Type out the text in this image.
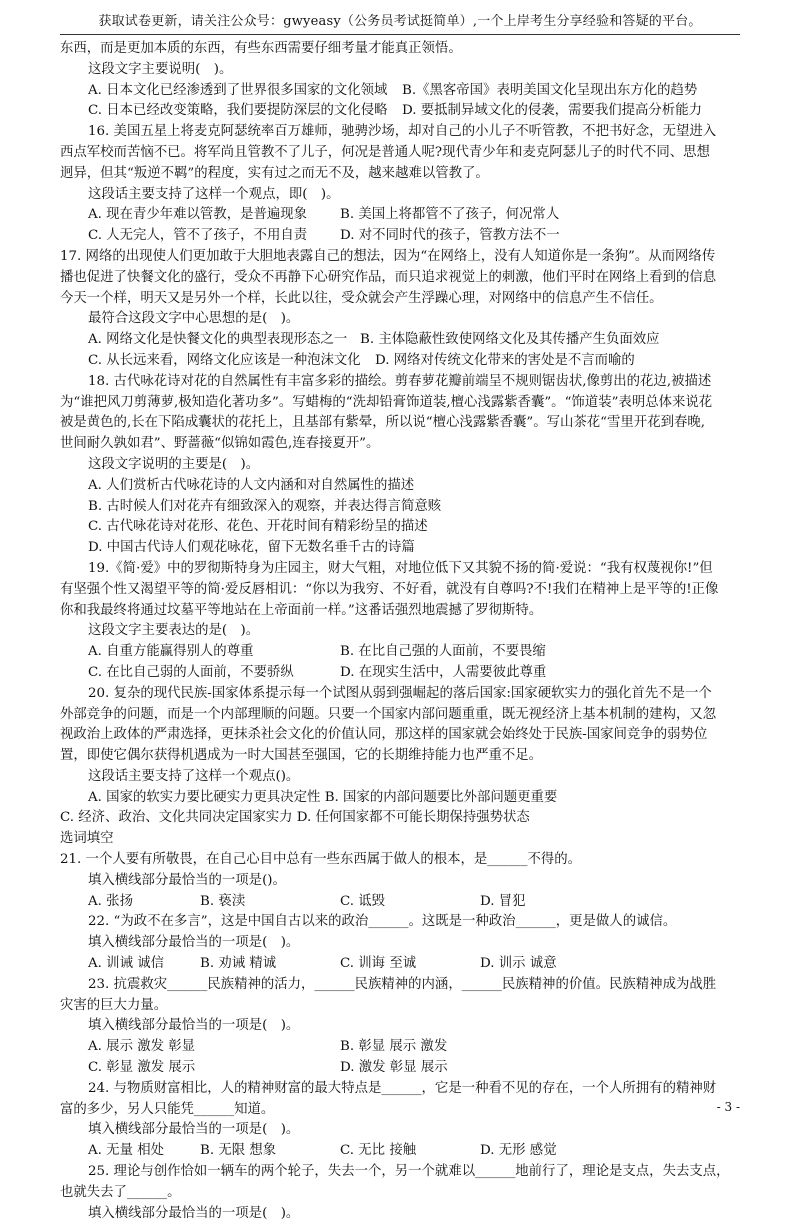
获取试卷更新，请关注公众号：gwyeasy（公务员考试挺简单）,一个上岸考生分享经验和答疑的平台。
东西，而是更加本质的东西，有些东西需要仔细考量才能真正领悟。
这段文字主要说明(　)。
A. 日本文化已经渗透到了世界很多国家的文化领域 B.《黑客帝国》表明美国文化呈现出东方化的趋势
C. 日本已经改变策略，我们要提防深层的文化侵略 D. 要抵制异域文化的侵袭，需要我们提高分析能力
16. 美国五星上将麦克阿瑟统率百万雄师，驰骋沙场，却对自己的小儿子不听管教，不把书好念，无望进入
西点军校而苦恼不已。将军尚且管教不了儿子，何况是普通人呢?现代青少年和麦克阿瑟儿子的时代不同、思想
迥异，但其“叛逆不羁”的程度，实有过之而无不及，越来越难以管教了。
这段话主要支持了这样一个观点，即(　)。
A. 现在青少年难以管教，是普遍现象 B. 美国上将都管不了孩子，何况常人
C. 人无完人，管不了孩子，不用自责 D. 对不同时代的孩子，管教方法不一
17. 网络的出现使人们更加敢于大胆地表露自己的想法，因为“在网络上，没有人知道你是一条狗”。从而网络传
播也促进了快餐文化的盛行，受众不再静下心研究作品，而只追求视觉上的刺激，他们平时在网络上看到的信息
今天一个样，明天又是另外一个样，长此以往，受众就会产生浮躁心理，对网络中的信息产生不信任。
最符合这段文字中心思想的是(　)。
A. 网络文化是快餐文化的典型表现形态之一 B. 主体隐蔽性致使网络文化及其传播产生负面效应
C. 从长远来看，网络文化应该是一种泡沫文化 D. 网络对传统文化带来的害处是不言而喻的
18. 古代咏花诗对花的自然属性有丰富多彩的描绘。剪春萝花瓣前端呈不规则锯齿状,像剪出的花边,被描述
为“谁把风刀剪薄萝,极知造化著功多”。写蜡梅的“洗却铅膏饰道装,檀心浅露紫香囊”。“饰道装”表明总体来说花
被是黄色的,长在下陷成囊状的花托上，且基部有紫晕，所以说“檀心浅露紫香囊”。写山茶花“雪里开花到春晚,
世间耐久孰如君”、野蔷薇“似锦如霞色,连春接夏开”。
这段文字说明的主要是(　)。
A. 人们赏析古代咏花诗的人文内涵和对自然属性的描述
B. 古时候人们对花卉有细致深入的观察，并表达得言简意赅
C. 古代咏花诗对花形、花色、开花时间有精彩纷呈的描述
D. 中国古代诗人们观花咏花，留下无数名垂千古的诗篇
19.《简·爱》中的罗彻斯特身为庄园主，财大气粗，对地位低下又其貌不扬的简·爱说：“我有权蔑视你!”但
有坚强个性又渴望平等的简·爱反唇相讥：“你以为我穷、不好看，就没有自尊吗?不!我们在精神上是平等的!正像
你和我最终将通过坟墓平等地站在上帝面前一样。”这番话强烈地震撼了罗彻斯特。
这段文字主要表达的是(　)。
A. 自重方能赢得别人的尊重	B. 在比自己强的人面前，不要畏缩
C. 在比自己弱的人面前，不要骄纵	D. 在现实生活中，人需要彼此尊重
20. 复杂的现代民族-国家体系提示每一个试图从弱到强崛起的落后国家:国家硬软实力的强化首先不是一个
外部竞争的问题，而是一个内部理顺的问题。只要一个国家内部问题重重，既无视经济上基本机制的建构，又忽
视政治上政体的严肃选择，更抹杀社会文化的价值认同，那这样的国家就会始终处于民族-国家间竞争的弱势位
置，即使它偶尔获得机遇成为一时大国甚至强国，它的长期维持能力也严重不足。
这段话主要支持了这样一个观点()。
A. 国家的软实力要比硬实力更具决定性 B. 国家的内部问题要比外部问题更重要
C. 经济、政治、文化共同决定国家实力 D. 任何国家都不可能长期保持强势状态
选词填空
21. 一个人要有所敬畏，在自己心目中总有一些东西属于做人的根本，是______不得的。
填入横线部分最恰当的一项是()。
A. 张扬	B. 亵渎	C. 诋毁	D. 冒犯
22. “为政不在多言”，这是中国自古以来的政治______。这既是一种政治______，更是做人的诚信。
填入横线部分最恰当的一项是(　)。
A. 训诫 诚信	B. 劝诫 精诚	C. 训诲 至诚	D. 训示 诚意
23. 抗震救灾______民族精神的活力，______民族精神的内涵，______民族精神的价值。民族精神成为战胜
灾害的巨大力量。
填入横线部分最恰当的一项是(　)。
A. 展示 激发 彰显	B. 彰显 展示 激发
C. 彰显 激发 展示	D. 激发 彰显 展示
24. 与物质财富相比，人的精神财富的最大特点是______，它是一种看不见的存在，一个人所拥有的精神财
富的多少，另人只能凭______知道。
填入横线部分最恰当的一项是(　)。
A. 无量 相处	B. 无限 想象	C. 无比 接触	D. 无形 感觉
25. 理论与创作恰如一辆车的两个轮子，失去一个，另一个就难以______地前行了，理论是支点，失去支点，
也就失去了______。
填入横线部分最恰当的一项是(　)。
- 3 -
